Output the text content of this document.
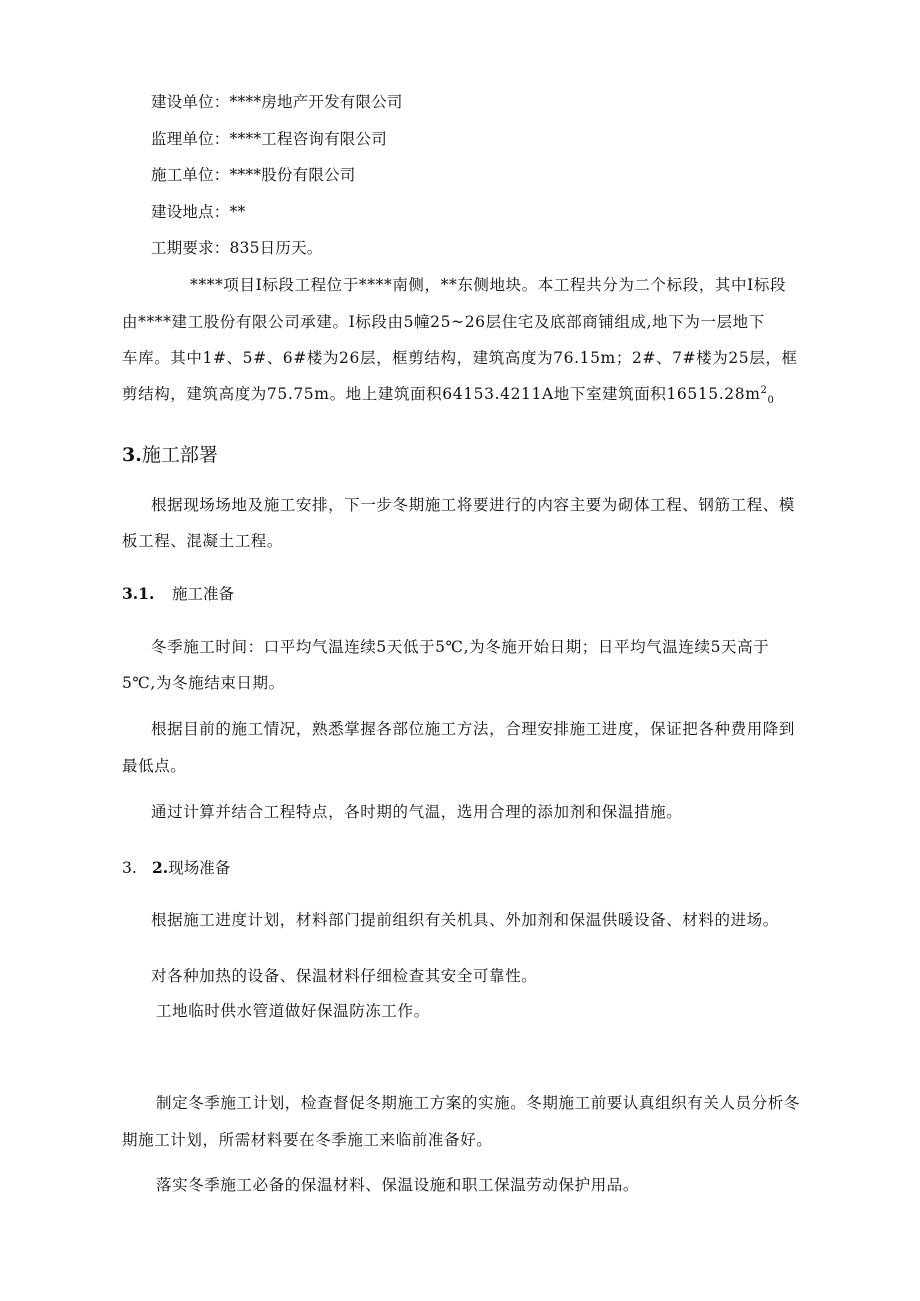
建设单位：****房地产开发有限公司
监理单位：****工程咨询有限公司
施工单位：****股份有限公司
建设地点：**
工期要求：835日历天。
****项目Ⅰ标段工程位于****南侧，**东侧地块。本工程共分为二个标段，其中Ⅰ标段
由****建工股份有限公司承建。Ⅰ标段由5幢25~26层住宅及底部商铺组成,地下为一层地下
车库。其中1#、5#、6#楼为26层，框剪结构，建筑高度为76.15m；2#、7#楼为25层，框
剪结构，建筑高度为75.75m。地上建筑面积64153.4211A地下室建筑面积$16515.28m^2_0$
3.施工部署
根据现场场地及施工安排，下一步冬期施工将要进行的内容主要为砌体工程、钢筋工程、模
板工程、混凝土工程。
3.1. 施工准备
冬季施工时间：口平均气温连续5天低于5℃,为冬施开始日期；日平均气温连续5天高于
5℃,为冬施结束日期。
根据目前的施工情况，熟悉掌握各部位施工方法，合理安排施工进度，保证把各种费用降到
最低点。
通过计算并结合工程特点，各时期的气温，选用合理的添加剂和保温措施。
3. 2.现场准备
根据施工进度计划，材料部门提前组织有关机具、外加剂和保温供暖设备、材料的进场。
对各种加热的设备、保温材料仔细检查其安全可靠性。
工地临时供水管道做好保温防冻工作。
制定冬季施工计划，检查督促冬期施工方案的实施。冬期施工前要认真组织有关人员分析冬
期施工计划，所需材料要在冬季施工来临前准备好。
落实冬季施工必备的保温材料、保温设施和职工保温劳动保护用品。
